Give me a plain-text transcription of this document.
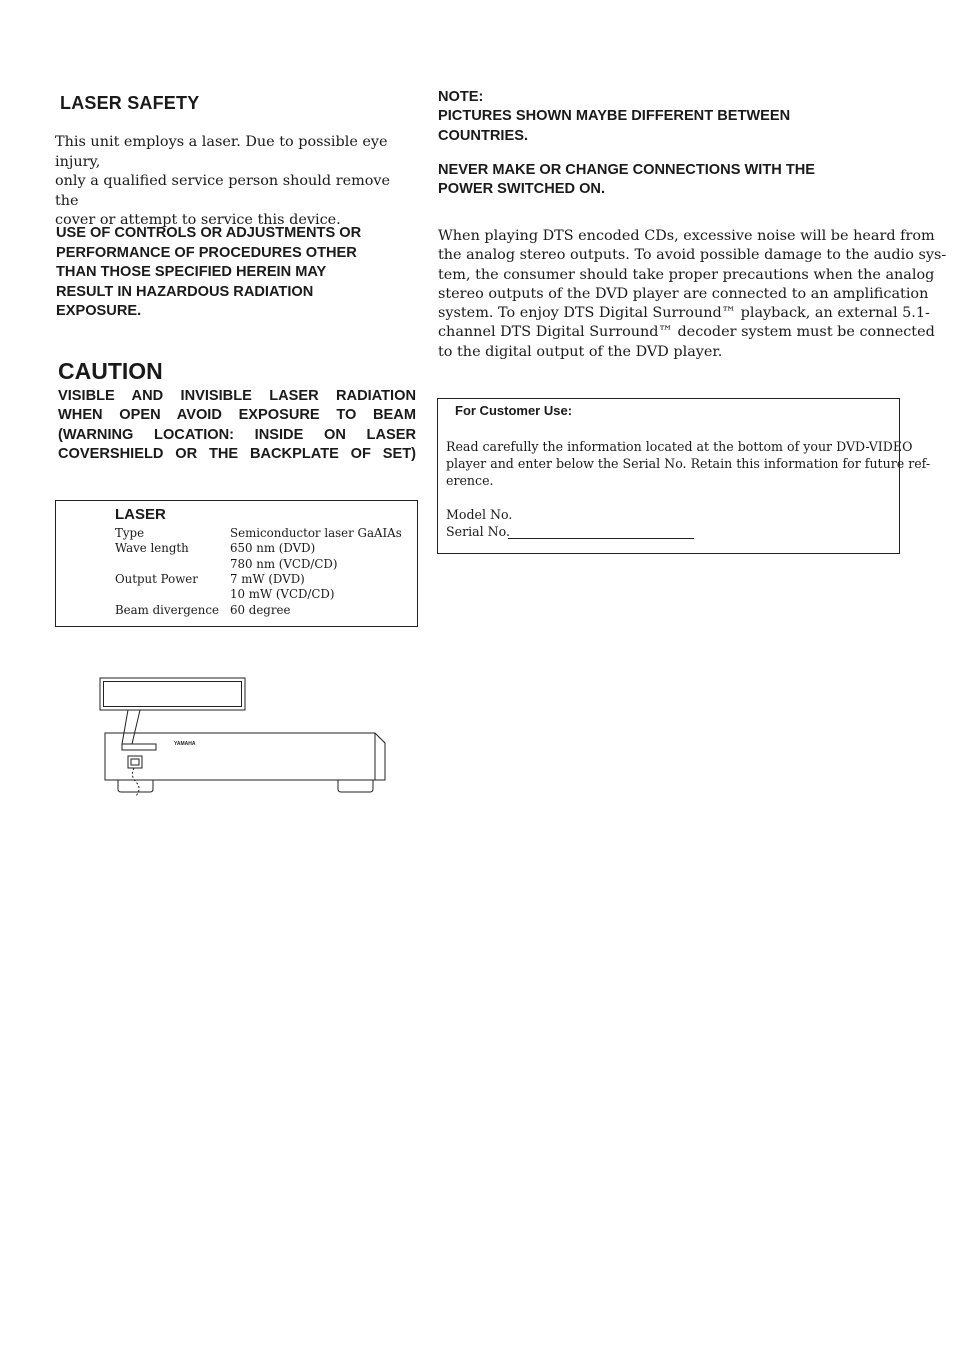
LASER SAFETY
This unit employs a laser. Due to possible eye injury,
only a qualified service person should remove the
cover or attempt to service this device.
USE OF CONTROLS OR ADJUSTMENTS OR
PERFORMANCE OF PROCEDURES OTHER
THAN THOSE SPECIFIED HEREIN MAY
RESULT IN HAZARDOUS RADIATION
EXPOSURE.
CAUTION
VISIBLE AND INVISIBLE LASER RADIATION
WHEN OPEN AVOID EXPOSURE TO BEAM
(WARNING LOCATION: INSIDE ON LASER
COVERSHIELD OR THE BACKPLATE OF SET)
LASER
Type	Semiconductor laser GaAIAs
Wave length	650 nm (DVD)
780 nm (VCD/CD)
Output Power	7 mW (DVD)
10 mW (VCD/CD)
Beam divergence 60 degree
YAMAHA
NOTE:
PICTURES SHOWN MAYBE DIFFERENT BETWEEN
COUNTRIES.
NEVER MAKE OR CHANGE CONNECTIONS WITH THE
POWER SWITCHED ON.
When playing DTS encoded CDs, excessive noise will be heard from
the analog stereo outputs. To avoid possible damage to the audio sys-
tem, the consumer should take proper precautions when the analog
stereo outputs of the DVD player are connected to an amplification
system. To enjoy DTS Digital Surround™ playback, an external 5.1-
channel DTS Digital Surround™ decoder system must be connected
to the digital output of the DVD player.
For Customer Use:
Read carefully the information located at the bottom of your DVD-VIDEO
player and enter below the Serial No. Retain this information for future ref-
erence.
Model No.
Serial No.
